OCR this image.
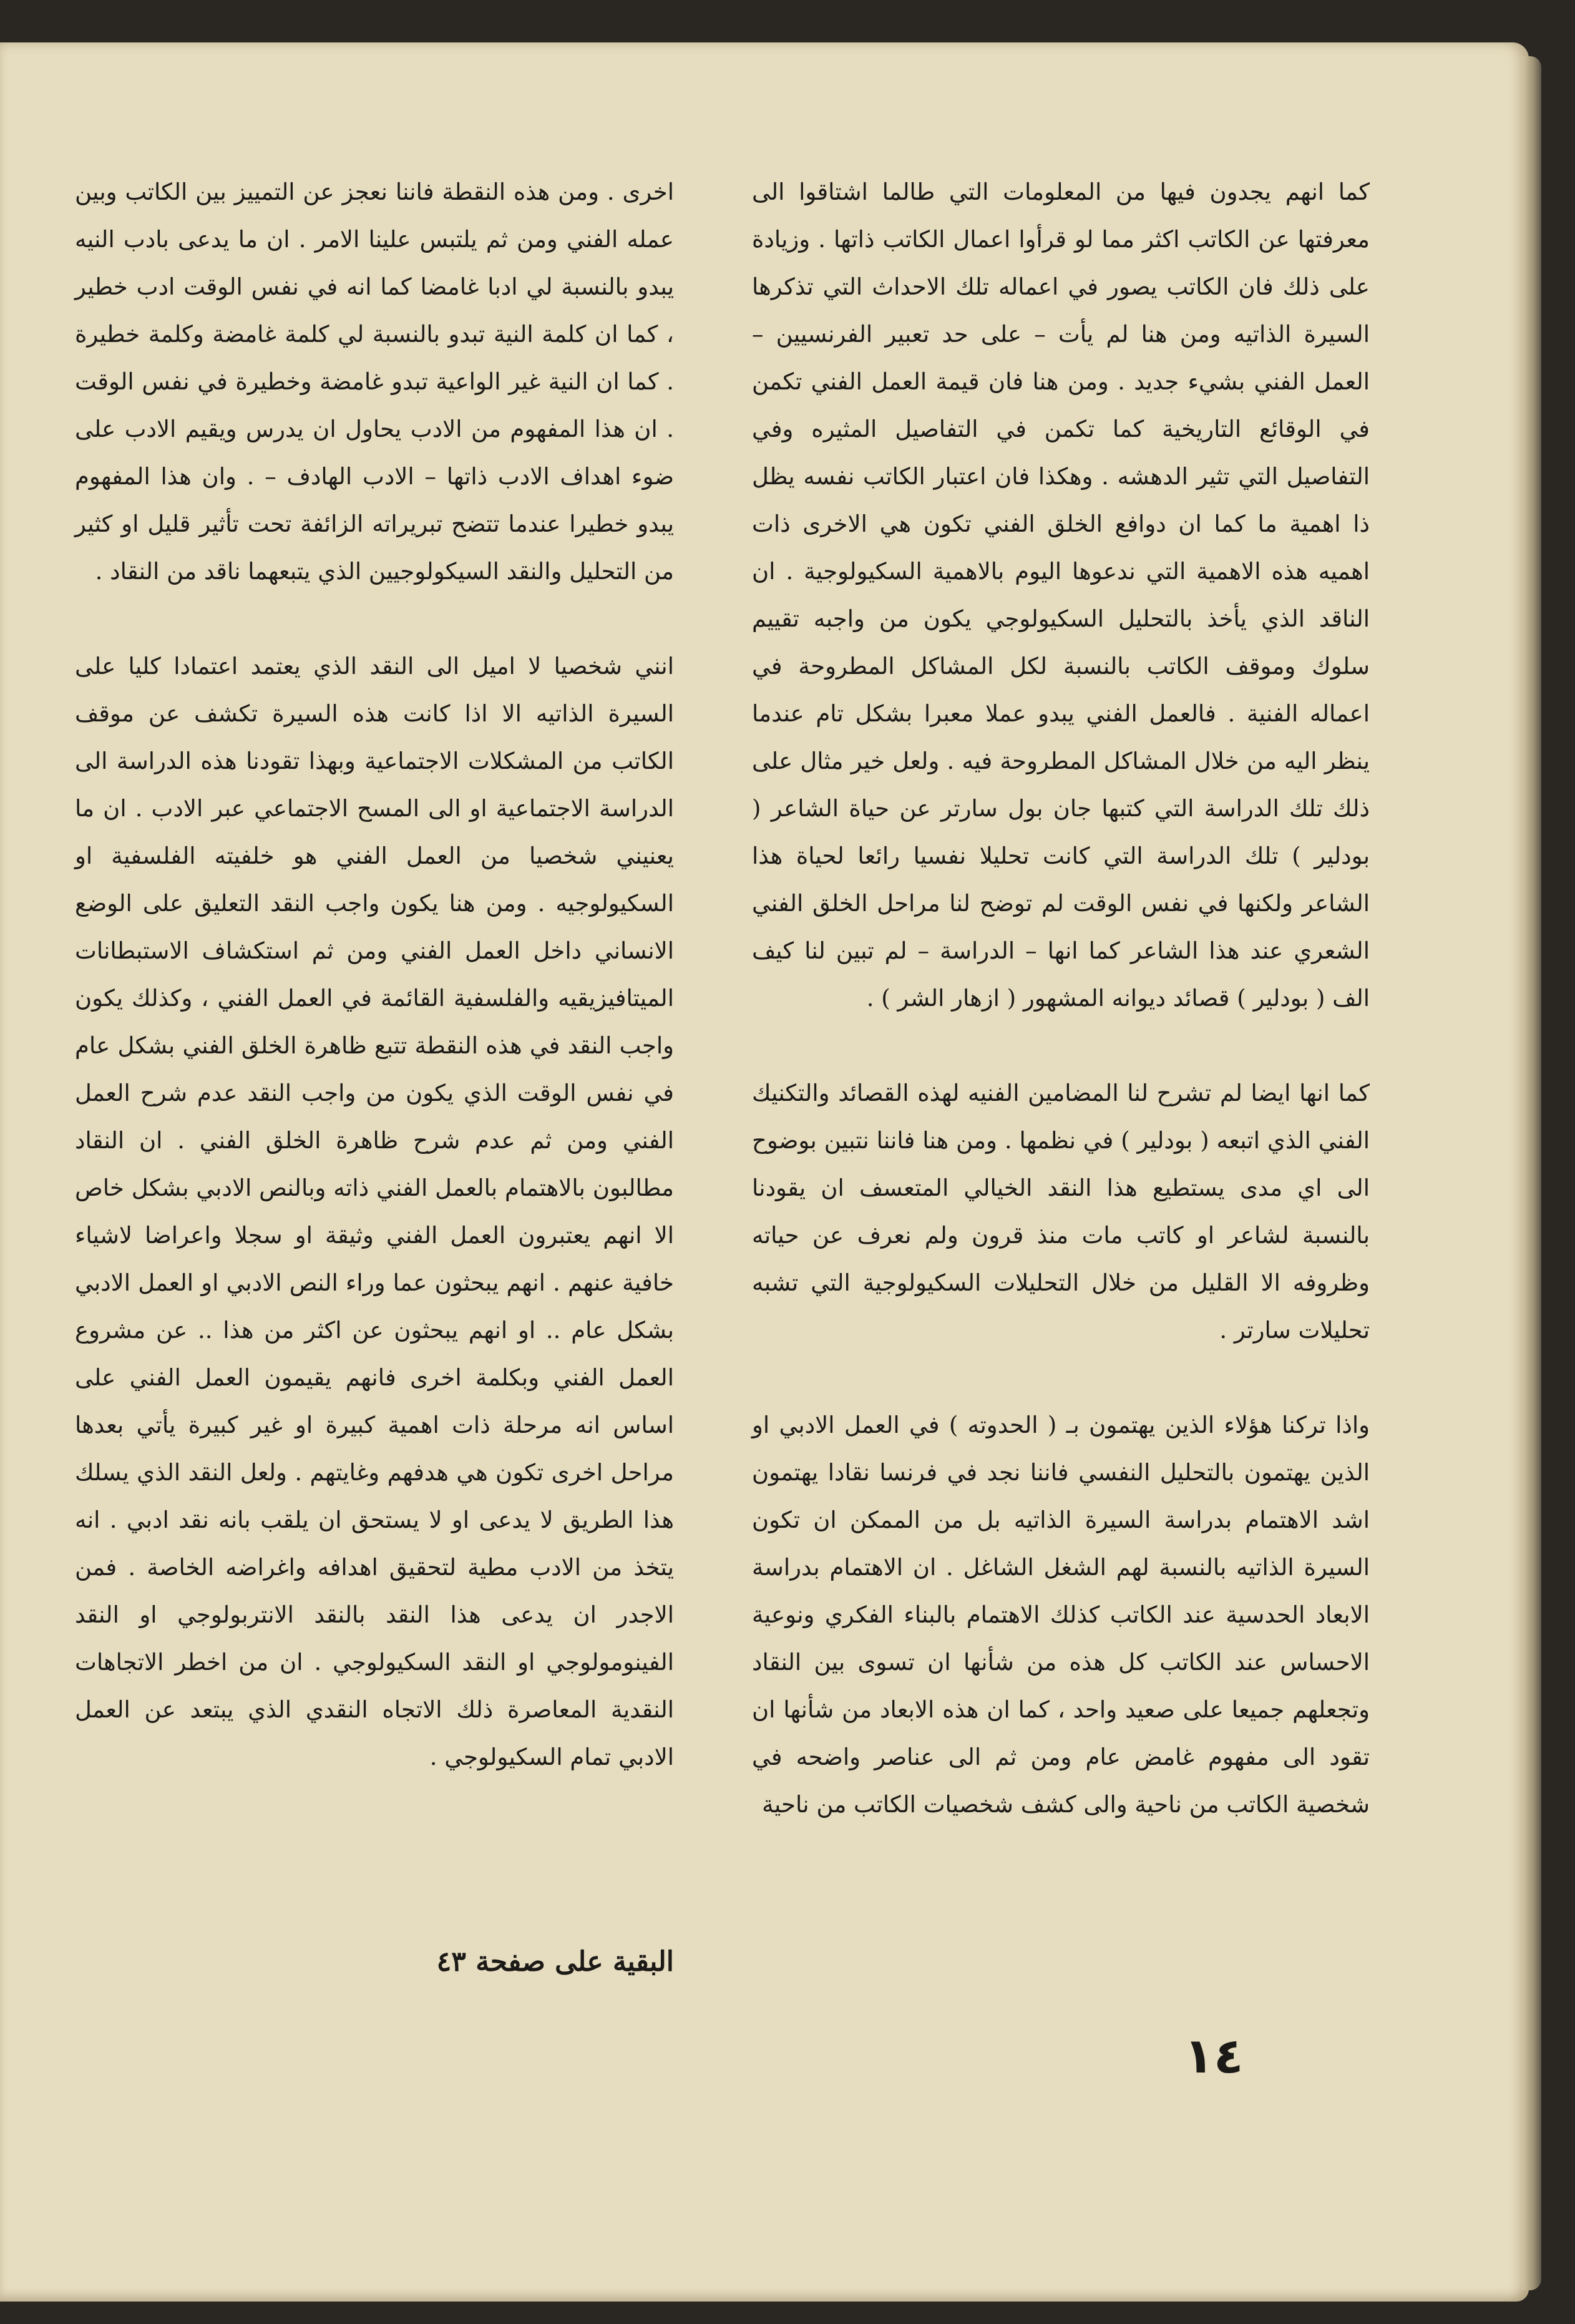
كما انهم يجدون فيها من المعلومات التي طالما اشتاقوا الى معرفتها عن الكاتب اكثر مما لو قرأوا اعمال الكاتب ذاتها . وزيادة على ذلك فان الكاتب يصور في اعماله تلك الاحداث التي تذكرها السيرة الذاتيه ومن هنا لم يأت – على حد تعبير الفرنسيين – العمل الفني بشيء جديد . ومن هنا فان قيمة العمل الفني تكمن في الوقائع التاريخية كما تكمن في التفاصيل المثيره وفي التفاصيل التي تثير الدهشه . وهكذا فان اعتبار الكاتب نفسه يظل ذا اهمية ما كما ان دوافع الخلق الفني تكون هي الاخرى ذات اهميه هذه الاهمية التي ندعوها اليوم بالاهمية السكيولوجية . ان الناقد الذي يأخذ بالتحليل السكيولوجي يكون من واجبه تقييم سلوك وموقف الكاتب بالنسبة لكل المشاكل المطروحة في اعماله الفنية . فالعمل الفني يبدو عملا معبرا بشكل تام عندما ينظر اليه من خلال المشاكل المطروحة فيه . ولعل خير مثال على ذلك تلك الدراسة التي كتبها جان بول سارتر عن حياة الشاعر ( بودلير ) تلك الدراسة التي كانت تحليلا نفسيا رائعا لحياة هذا الشاعر ولكنها في نفس الوقت لم توضح لنا مراحل الخلق الفني الشعري عند هذا الشاعر كما انها – الدراسة – لم تبين لنا كيف الف ( بودلير ) قصائد ديوانه المشهور ( ازهار الشر ) .

كما انها ايضا لم تشرح لنا المضامين الفنيه لهذه القصائد والتكنيك الفني الذي اتبعه ( بودلير ) في نظمها . ومن هنا فاننا نتبين بوضوح الى اي مدى يستطيع هذا النقد الخيالي المتعسف ان يقودنا بالنسبة لشاعر او كاتب مات منذ قرون ولم نعرف عن حياته وظروفه الا القليل من خلال التحليلات السكيولوجية التي تشبه تحليلات سارتر .

واذا تركنا هؤلاء الذين يهتمون بـ ( الحدوته ) في العمل الادبي او الذين يهتمون بالتحليل النفسي فاننا نجد في فرنسا نقادا يهتمون اشد الاهتمام بدراسة السيرة الذاتيه بل من الممكن ان تكون السيرة الذاتيه بالنسبة لهم الشغل الشاغل . ان الاهتمام بدراسة الابعاد الحدسية عند الكاتب كذلك الاهتمام بالبناء الفكري ونوعية الاحساس عند الكاتب كل هذه من شأنها ان تسوى بين النقاد وتجعلهم جميعا على صعيد واحد ، كما ان هذه الابعاد من شأنها ان تقود الى مفهوم غامض عام ومن ثم الى عناصر واضحه في شخصية الكاتب من ناحية والى كشف شخصيات الكاتب من ناحية

اخرى . ومن هذه النقطة فاننا نعجز عن التمييز بين الكاتب وبين عمله الفني ومن ثم يلتبس علينا الامر . ان ما يدعى بادب النيه يبدو بالنسبة لي ادبا غامضا كما انه في نفس الوقت ادب خطير ، كما ان كلمة النية تبدو بالنسبة لي كلمة غامضة وكلمة خطيرة . كما ان النية غير الواعية تبدو غامضة وخطيرة في نفس الوقت . ان هذا المفهوم من الادب يحاول ان يدرس ويقيم الادب على ضوء اهداف الادب ذاتها – الادب الهادف – . وان هذا المفهوم يبدو خطيرا عندما تتضح تبريراته الزائفة تحت تأثير قليل او كثير من التحليل والنقد السيكولوجيين الذي يتبعهما ناقد من النقاد .

انني شخصيا لا اميل الى النقد الذي يعتمد اعتمادا كليا على السيرة الذاتيه الا اذا كانت هذه السيرة تكشف عن موقف الكاتب من المشكلات الاجتماعية وبهذا تقودنا هذه الدراسة الى الدراسة الاجتماعية او الى المسح الاجتماعي عبر الادب . ان ما يعنيني شخصيا من العمل الفني هو خلفيته الفلسفية او السكيولوجيه . ومن هنا يكون واجب النقد التعليق على الوضع الانساني داخل العمل الفني ومن ثم استكشاف الاستبطانات الميتافيزيقيه والفلسفية القائمة في العمل الفني ، وكذلك يكون واجب النقد في هذه النقطة تتبع ظاهرة الخلق الفني بشكل عام في نفس الوقت الذي يكون من واجب النقد عدم شرح العمل الفني ومن ثم عدم شرح ظاهرة الخلق الفني . ان النقاد مطالبون بالاهتمام بالعمل الفني ذاته وبالنص الادبي بشكل خاص الا انهم يعتبرون العمل الفني وثيقة او سجلا واعراضا لاشياء خافية عنهم . انهم يبحثون عما وراء النص الادبي او العمل الادبي بشكل عام .. او انهم يبحثون عن اكثر من هذا .. عن مشروع العمل الفني وبكلمة اخرى فانهم يقيمون العمل الفني على اساس انه مرحلة ذات اهمية كبيرة او غير كبيرة يأتي بعدها مراحل اخرى تكون هي هدفهم وغايتهم . ولعل النقد الذي يسلك هذا الطريق لا يدعى او لا يستحق ان يلقب بانه نقد ادبي . انه يتخذ من الادب مطية لتحقيق اهدافه واغراضه الخاصة . فمن الاجدر ان يدعى هذا النقد بالنقد الانتربولوجي او النقد الفينومولوجي او النقد السكيولوجي . ان من اخطر الاتجاهات النقدية المعاصرة ذلك الاتجاه النقدي الذي يبتعد عن العمل الادبي تمام السكيولوجي .

البقية على صفحة ٤٣
١٤
